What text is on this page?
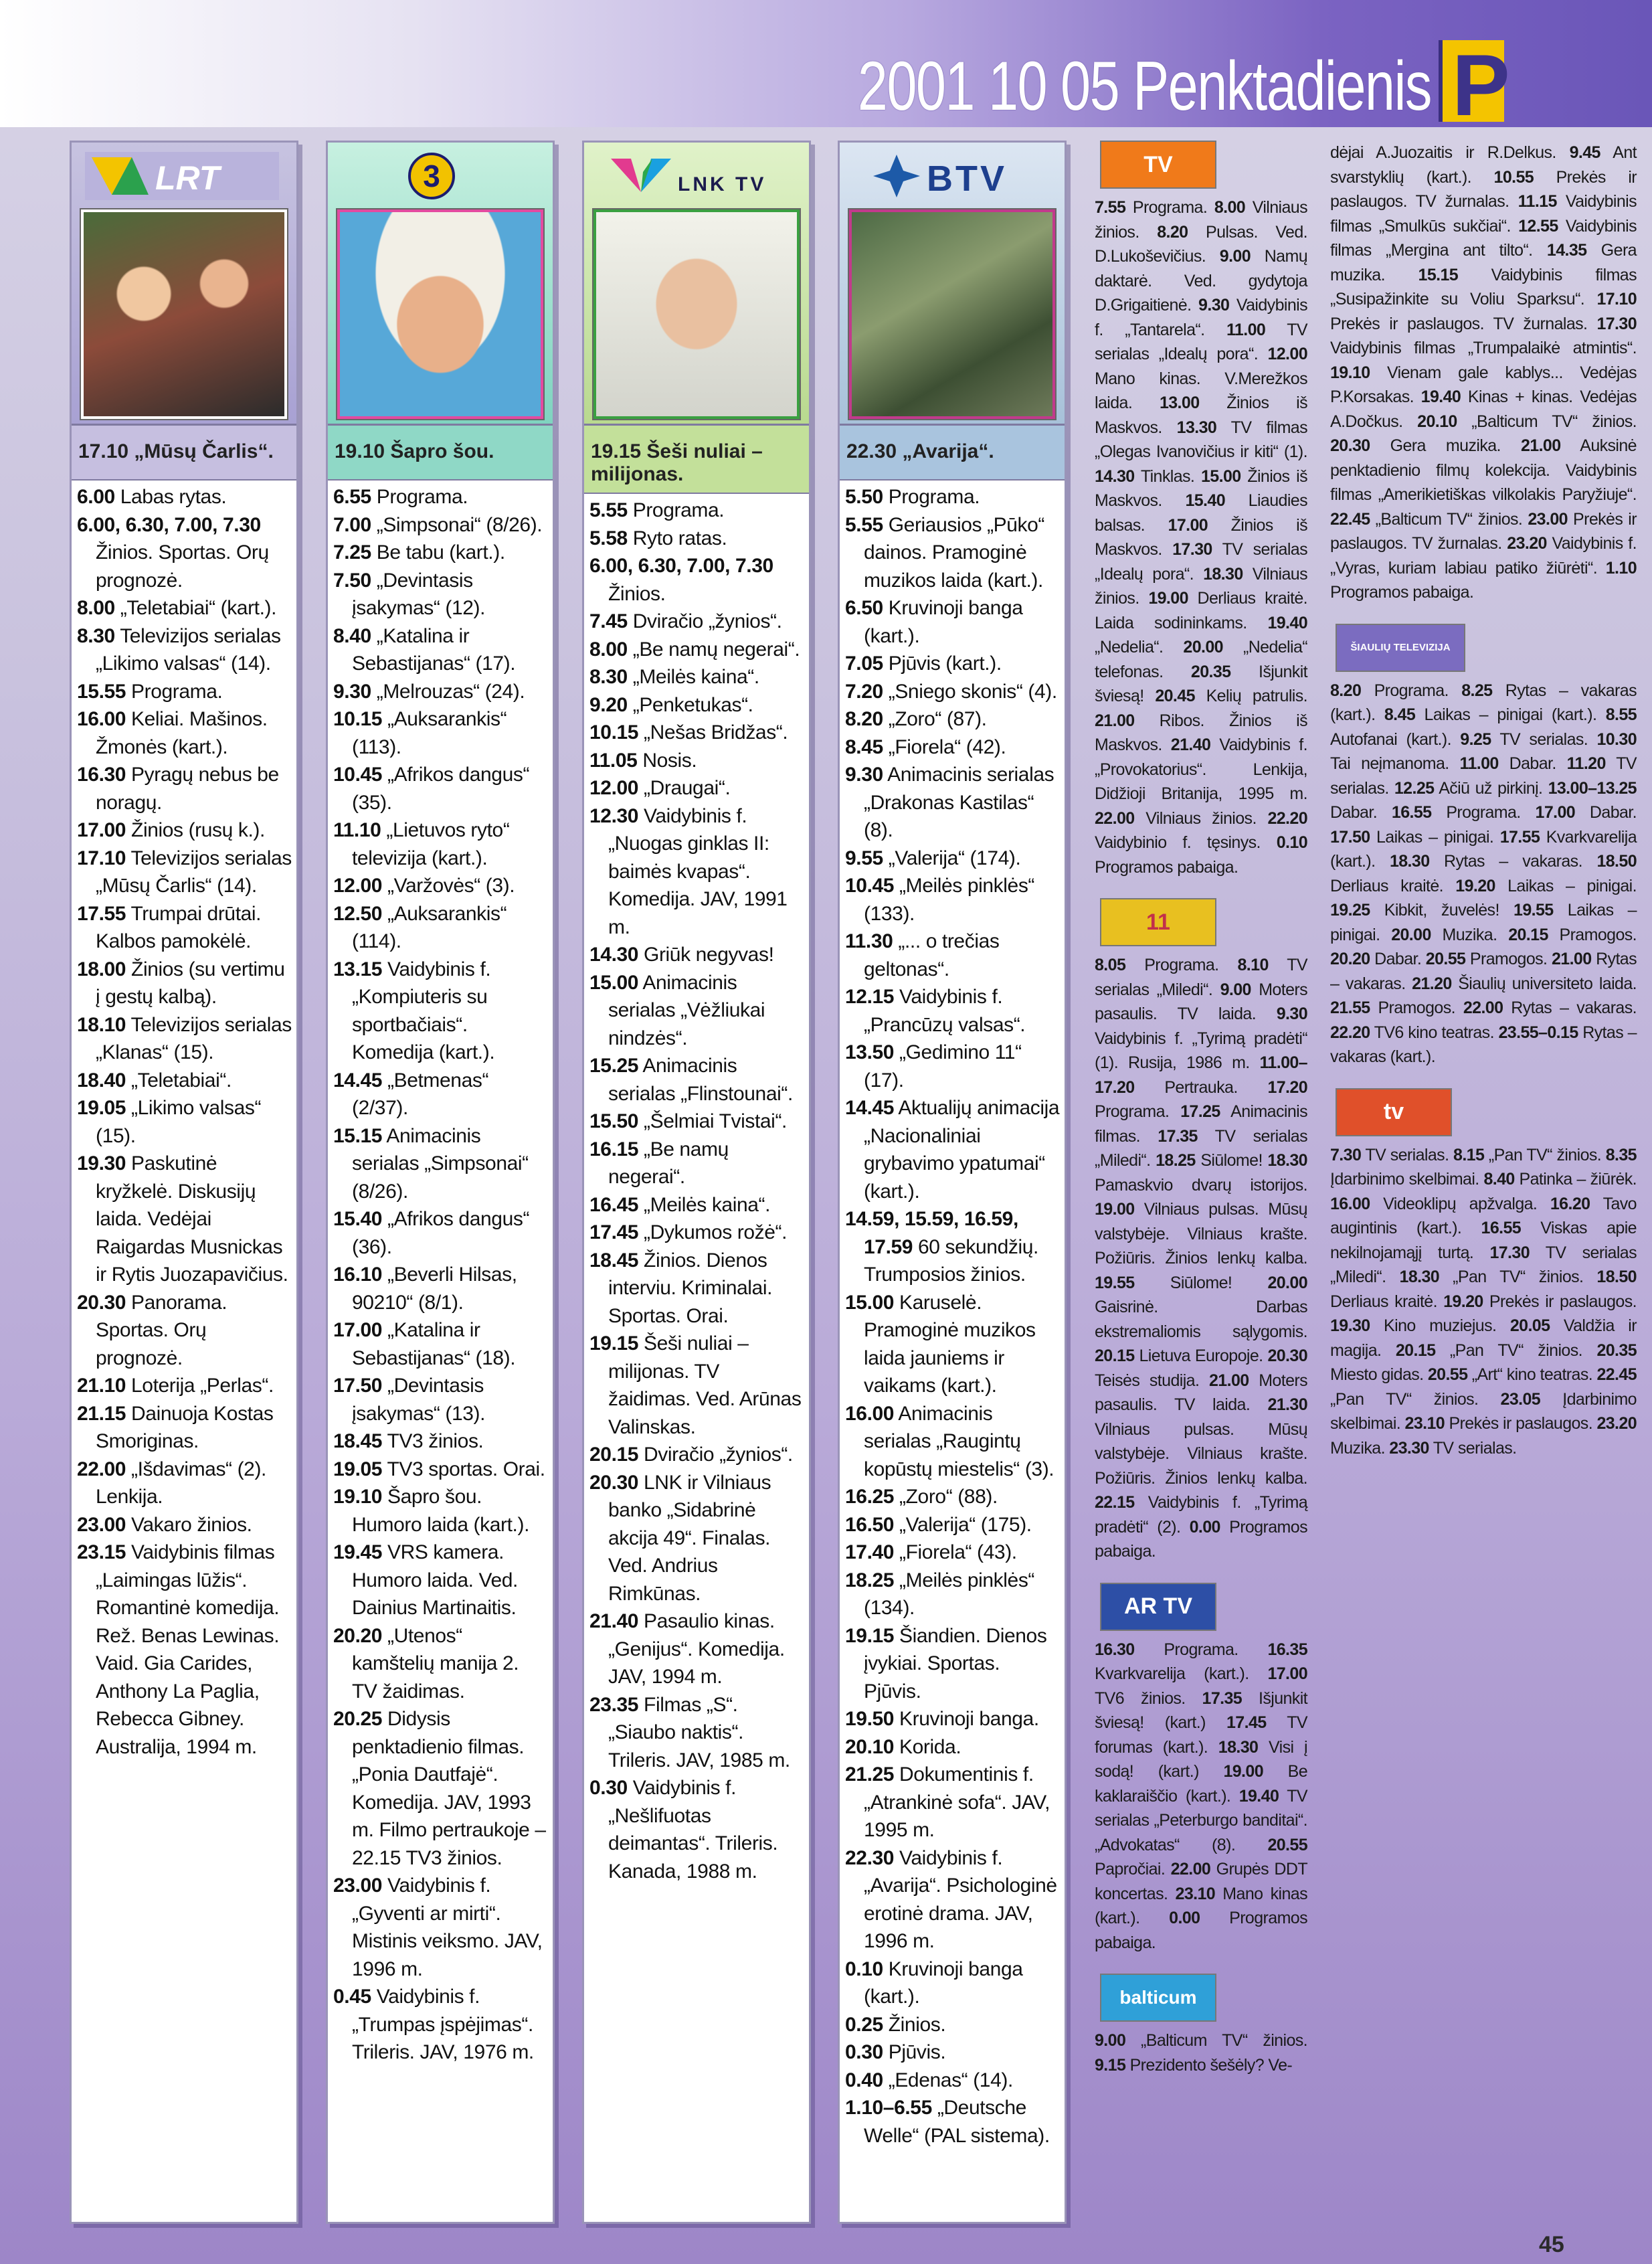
2001 10 05 Penktadienis P
LRT
17.10 „Mūsų Čarlis“.
6.00 Labas rytas.
6.00, 6.30, 7.00, 7.30 Žinios. Sportas. Orų prognozė.
8.00 „Teletabiai“ (kart.).
8.30 Televizijos serialas „Likimo valsas“ (14).
15.55 Programa.
16.00 Keliai. Mašinos. Žmonės (kart.).
16.30 Pyragų nebus be noragų.
17.00 Žinios (rusų k.).
17.10 Televizijos serialas „Mūsų Čarlis“ (14).
17.55 Trumpai drūtai. Kalbos pamokėlė.
18.00 Žinios (su vertimu į gestų kalbą).
18.10 Televizijos serialas „Klanas“ (15).
18.40 „Teletabiai“.
19.05 „Likimo valsas“ (15).
19.30 Paskutinė kryžkelė. Diskusijų laida. Vedėjai Raigardas Musnickas ir Rytis Juozapavičius.
20.30 Panorama. Sportas. Orų prognozė.
21.10 Loterija „Perlas“.
21.15 Dainuoja Kostas Smoriginas.
22.00 „Išdavimas“ (2). Lenkija.
23.00 Vakaro žinios.
23.15 Vaidybinis filmas „Laimingas lūžis“. Romantinė komedija. Rež. Benas Lewinas. Vaid. Gia Carides, Anthony La Paglia, Rebecca Gibney. Australija, 1994 m.
3
19.10 Šapro šou.
6.55 Programa.
7.00 „Simpsonai“ (8/26).
7.25 Be tabu (kart.).
7.50 „Devintasis įsakymas“ (12).
8.40 „Katalina ir Sebastijanas“ (17).
9.30 „Melrouzas“ (24).
10.15 „Auksarankis“ (113).
10.45 „Afrikos dangus“ (35).
11.10 „Lietuvos ryto“ televizija (kart.).
12.00 „Varžovės“ (3).
12.50 „Auksarankis“ (114).
13.15 Vaidybinis f. „Kompiuteris su sportbačiais“. Komedija (kart.).
14.45 „Betmenas“ (2/37).
15.15 Animacinis serialas „Simpsonai“ (8/26).
15.40 „Afrikos dangus“ (36).
16.10 „Beverli Hilsas, 90210“ (8/1).
17.00 „Katalina ir Sebastijanas“ (18).
17.50 „Devintasis įsakymas“ (13).
18.45 TV3 žinios.
19.05 TV3 sportas. Orai.
19.10 Šapro šou. Humoro laida (kart.).
19.45 VRS kamera. Humoro laida. Ved. Dainius Martinaitis.
20.20 „Utenos“ kamštelių manija 2. TV žaidimas.
20.25 Didysis penktadienio filmas. „Ponia Dautfajė“. Komedija. JAV, 1993 m. Filmo pertraukoje – 22.15 TV3 žinios.
23.00 Vaidybinis f. „Gyventi ar mirti“. Mistinis veiksmo. JAV, 1996 m.
0.45 Vaidybinis f. „Trumpas įspėjimas“. Trileris. JAV, 1976 m.
LNK TV
19.15 Šeši nuliai – milijonas.
5.55 Programa.
5.58 Ryto ratas.
6.00, 6.30, 7.00, 7.30 Žinios.
7.45 Dviračio „žynios“.
8.00 „Be namų negerai“.
8.30 „Meilės kaina“.
9.20 „Penketukas“.
10.15 „Nešas Bridžas“.
11.05 Nosis.
12.00 „Draugai“.
12.30 Vaidybinis f. „Nuogas ginklas II: baimės kvapas“. Komedija. JAV, 1991 m.
14.30 Griūk negyvas!
15.00 Animacinis serialas „Vėžliukai nindzės“.
15.25 Animacinis serialas „Flinstounai“.
15.50 „Šelmiai Tvistai“.
16.15 „Be namų negerai“.
16.45 „Meilės kaina“.
17.45 „Dykumos rožė“.
18.45 Žinios. Dienos interviu. Kriminalai. Sportas. Orai.
19.15 Šeši nuliai – milijonas. TV žaidimas. Ved. Arūnas Valinskas.
20.15 Dviračio „žynios“.
20.30 LNK ir Vilniaus banko „Sidabrinė akcija 49“. Finalas. Ved. Andrius Rimkūnas.
21.40 Pasaulio kinas. „Genijus“. Komedija. JAV, 1994 m.
23.35 Filmas „S“. „Siaubo naktis“. Trileris. JAV, 1985 m.
0.30 Vaidybinis f. „Nešlifuotas deimantas“. Trileris. Kanada, 1988 m.
BTV
22.30 „Avarija“.
5.50 Programa.
5.55 Geriausios „Pūko“ dainos. Pramoginė muzikos laida (kart.).
6.50 Kruvinoji banga (kart.).
7.05 Pjūvis (kart.).
7.20 „Sniego skonis“ (4).
8.20 „Zoro“ (87).
8.45 „Fiorela“ (42).
9.30 Animacinis serialas „Drakonas Kastilas“ (8).
9.55 „Valerija“ (174).
10.45 „Meilės pinklės“ (133).
11.30 „... o trečias geltonas“.
12.15 Vaidybinis f. „Prancūzų valsas“.
13.50 „Gedimino 11“ (17).
14.45 Aktualijų animacija „Nacionaliniai grybavimo ypatumai“ (kart.).
14.59, 15.59, 16.59, 17.59 60 sekundžių. Trumposios žinios.
15.00 Karuselė. Pramoginė muzikos laida jauniems ir vaikams (kart.).
16.00 Animacinis serialas „Raugintų kopūstų miestelis“ (3).
16.25 „Zoro“ (88).
16.50 „Valerija“ (175).
17.40 „Fiorela“ (43).
18.25 „Meilės pinklės“ (134).
19.15 Šiandien. Dienos įvykiai. Sportas. Pjūvis.
19.50 Kruvinoji banga.
20.10 Korida.
21.25 Dokumentinis f. „Atrankinė sofa“. JAV, 1995 m.
22.30 Vaidybinis f. „Avarija“. Psichologinė erotinė drama. JAV, 1996 m.
0.10 Kruvinoji banga (kart.).
0.25 Žinios.
0.30 Pjūvis.
0.40 „Edenas“ (14).
1.10–6.55 „Deutsche Welle“ (PAL sistema).
TV
7.55 Programa. 8.00 Vilniaus žinios. 8.20 Pulsas. Ved. D.Lukoševičius. 9.00 Namų daktarė. Ved. gydytoja D.Grigaitienė. 9.30 Vaidybinis f. „Tantarela“. 11.00 TV serialas „Idealų pora“. 12.00 Mano kinas. V.Merežkos laida. 13.00 Žinios iš Maskvos. 13.30 TV filmas „Olegas Ivanovičius ir kiti“ (1). 14.30 Tinklas. 15.00 Žinios iš Maskvos. 15.40 Liaudies balsas. 17.00 Žinios iš Maskvos. 17.30 TV serialas „Idealų pora“. 18.30 Vilniaus žinios. 19.00 Derliaus kraitė. Laida sodininkams. 19.40 „Nedelia“. 20.00 „Nedelia“ telefonas. 20.35 Išjunkit šviesą! 20.45 Kelių patrulis. 21.00 Ribos. Žinios iš Maskvos. 21.40 Vaidybinis f. „Provokatorius“. Lenkija, Didžioji Britanija, 1995 m. 22.00 Vilniaus žinios. 22.20 Vaidybinio f. tęsinys. 0.10 Programos pabaiga.
11
8.05 Programa. 8.10 TV serialas „Miledi“. 9.00 Moters pasaulis. TV laida. 9.30 Vaidybinis f. „Tyrimą pradėti“ (1). Rusija, 1986 m. 11.00–17.20 Pertrauka. 17.20 Programa. 17.25 Animacinis filmas. 17.35 TV serialas „Miledi“. 18.25 Siūlome! 18.30 Pamaskvio dvarų istorijos. 19.00 Vilniaus pulsas. Mūsų valstybėje. Vilniaus krašte. Požiūris. Žinios lenkų kalba. 19.55 Siūlome! 20.00 Gaisrinė. Darbas ekstremaliomis sąlygomis. 20.15 Lietuva Europoje. 20.30 Teisės studija. 21.00 Moters pasaulis. TV laida. 21.30 Vilniaus pulsas. Mūsų valstybėje. Vilniaus krašte. Požiūris. Žinios lenkų kalba. 22.15 Vaidybinis f. „Tyrimą pradėti“ (2). 0.00 Programos pabaiga.
AR TV
16.30 Programa. 16.35 Kvarkvarelija (kart.). 17.00 TV6 žinios. 17.35 Išjunkit šviesą! (kart.) 17.45 TV forumas (kart.). 18.30 Visi į sodą! (kart.) 19.00 Be kaklaraiščio (kart.). 19.40 TV serialas „Peterburgo banditai“. „Advokatas“ (8). 20.55 Papročiai. 22.00 Grupės DDT koncertas. 23.10 Mano kinas (kart.). 0.00 Programos pabaiga.
balticum
9.00 „Balticum TV“ žinios. 9.15 Prezidento šešėly? Ve-
dėjai A.Juozaitis ir R.Delkus. 9.45 Ant svarstyklių (kart.). 10.55 Prekės ir paslaugos. TV žurnalas. 11.15 Vaidybinis filmas „Smulkūs sukčiai“. 12.55 Vaidybinis filmas „Mergina ant tilto“. 14.35 Gera muzika. 15.15 Vaidybinis filmas „Susipažinkite su Voliu Sparksu“. 17.10 Prekės ir paslaugos. TV žurnalas. 17.30 Vaidybinis filmas „Trumpalaikė atmintis“. 19.10 Vienam gale kablys... Vedėjas P.Korsakas. 19.40 Kinas + kinas. Vedėjas A.Dočkus. 20.10 „Balticum TV“ žinios. 20.30 Gera muzika. 21.00 Auksinė penktadienio filmų kolekcija. Vaidybinis filmas „Amerikietiškas vilkolakis Paryžiuje“. 22.45 „Balticum TV“ žinios. 23.00 Prekės ir paslaugos. TV žurnalas. 23.20 Vaidybinis f. „Vyras, kuriam labiau patiko žiūrėti“. 1.10 Programos pabaiga.
ŠIAULIŲ TELEVIZIJA
8.20 Programa. 8.25 Rytas – vakaras (kart.). 8.45 Laikas – pinigai (kart.). 8.55 Autofanai (kart.). 9.25 TV serialas. 10.30 Tai neįmanoma. 11.00 Dabar. 11.20 TV serialas. 12.25 Ačiū už pirkinį. 13.00–13.25 Dabar. 16.55 Programa. 17.00 Dabar. 17.50 Laikas – pinigai. 17.55 Kvarkvarelija (kart.). 18.30 Rytas – vakaras. 18.50 Derliaus kraitė. 19.20 Laikas – pinigai. 19.25 Kibkit, žuvelės! 19.55 Laikas – pinigai. 20.00 Muzika. 20.15 Pramogos. 20.20 Dabar. 20.55 Pramogos. 21.00 Rytas – vakaras. 21.20 Šiaulių universiteto laida. 21.55 Pramogos. 22.00 Rytas – vakaras. 22.20 TV6 kino teatras. 23.55–0.15 Rytas – vakaras (kart.).
tv
7.30 TV serialas. 8.15 „Pan TV“ žinios. 8.35 Įdarbinimo skelbimai. 8.40 Patinka – žiūrėk. 16.00 Videoklipų apžvalga. 16.20 Tavo augintinis (kart.). 16.55 Viskas apie nekilnojamąjį turtą. 17.30 TV serialas „Miledi“. 18.30 „Pan TV“ žinios. 18.50 Derliaus kraitė. 19.20 Prekės ir paslaugos. 19.30 Kino muziejus. 20.05 Valdžia ir magija. 20.15 „Pan TV“ žinios. 20.35 Miesto gidas. 20.55 „Art“ kino teatras. 22.45 „Pan TV“ žinios. 23.05 Įdarbinimo skelbimai. 23.10 Prekės ir paslaugos. 23.20 Muzika. 23.30 TV serialas.
45
